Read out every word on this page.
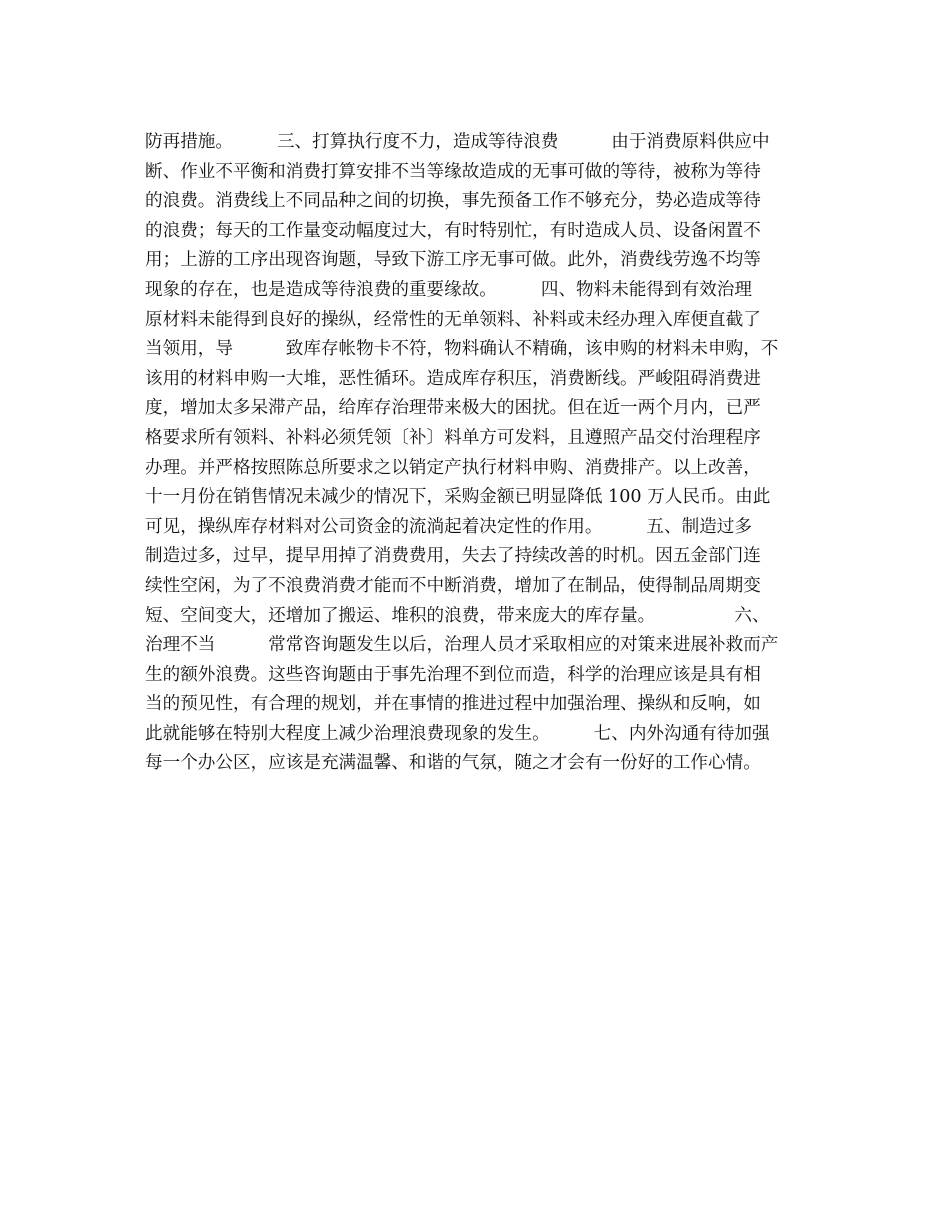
防再措施。　　　三、打算执行度不力，造成等待浪费　　　由于消费原料供应中
断、作业不平衡和消费打算安排不当等缘故造成的无事可做的等待，被称为等待
的浪费。消费线上不同品种之间的切换，事先预备工作不够充分，势必造成等待
的浪费；每天的工作量变动幅度过大，有时特别忙，有时造成人员、设备闲置不
用；上游的工序出现咨询题，导致下游工序无事可做。此外，消费线劳逸不均等
现象的存在，也是造成等待浪费的重要缘故。　　　四、物料未能得到有效治理
原材料未能得到良好的操纵，经常性的无单领料、补料或未经办理入库便直截了
当领用，导　　　致库存帐物卡不符，物料确认不精确，该申购的材料未申购，不
该用的材料申购一大堆，恶性循环。造成库存积压，消费断线。严峻阻碍消费进
度，增加太多呆滞产品，给库存治理带来极大的困扰。但在近一两个月内，已严
格要求所有领料、补料必须凭领〔补〕料单方可发料，且遵照产品交付治理程序
办理。并严格按照陈总所要求之以销定产执行材料申购、消费排产。以上改善，
十一月份在销售情况未减少的情况下，采购金额已明显降低 100 万人民币。由此
可见，操纵库存材料对公司资金的流淌起着决定性的作用。　　　五、制造过多
制造过多，过早，提早用掉了消费费用，失去了持续改善的时机。因五金部门连
续性空闲，为了不浪费消费才能而不中断消费，增加了在制品，使得制品周期变
短、空间变大，还增加了搬运、堆积的浪费，带来庞大的库存量。　　　　　六、
治理不当　　　常常咨询题发生以后，治理人员才采取相应的对策来进展补救而产
生的额外浪费。这些咨询题由于事先治理不到位而造，科学的治理应该是具有相
当的预见性，有合理的规划，并在事情的推进过程中加强治理、操纵和反响，如
此就能够在特别大程度上减少治理浪费现象的发生。　　　七、内外沟通有待加强
每一个办公区，应该是充满温馨、和谐的气氛，随之才会有一份好的工作心情。
